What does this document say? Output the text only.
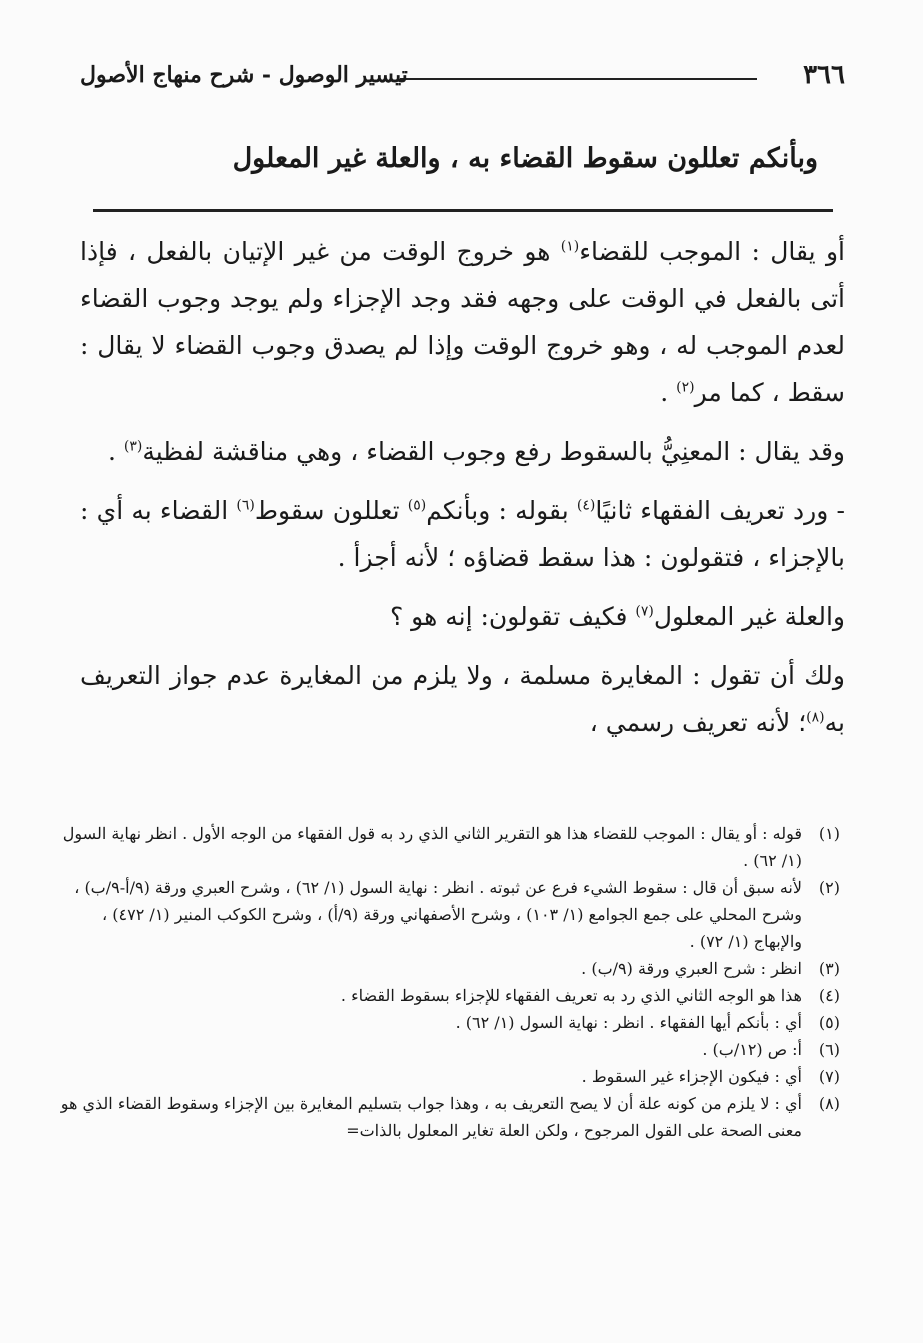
٣٦٦
تيسير الوصول - شرح منهاج الأصول
وبأنكم تعللون سقوط القضاء به ، والعلة غير المعلول

أو يقال : الموجب للقضاء$^{(١)}$ هو خروج الوقت من غير الإتيان بالفعل ، فإذا أتى بالفعل في الوقت على وجهه فقد وجد الإجزاء ولم يوجد وجوب القضاء لعدم الموجب له ، وهو خروج الوقت وإذا لم يصدق وجوب القضاء لا يقال : سقط ، كما مر$^{(٢)}$ .

وقد يقال : المعنِيُّ بالسقوط رفع وجوب القضاء ، وهي مناقشة لفظية$^{(٣)}$ .

- ورد تعريف الفقهاء ثانيًا$^{(٤)}$ بقوله : وبأنكم$^{(٥)}$ تعللون سقوط$^{(٦)}$ القضاء به أي : بالإجزاء ، فتقولون : هذا سقط قضاؤه ؛ لأنه أجزأ .

والعلة غير المعلول$^{(٧)}$ فكيف تقولون: إنه هو ؟

ولك أن تقول : المغايرة مسلمة ، ولا يلزم من المغايرة عدم جواز التعريف به$^{(٨)}$؛ لأنه تعريف رسمي ،

(١)
قوله : أو يقال : الموجب للقضاء هذا هو التقرير الثاني الذي رد به قول الفقهاء من الوجه الأول . انظر نهاية السول (١/ ٦٢) .
(٢)
لأنه سبق أن قال : سقوط الشيء فرع عن ثبوته . انظر : نهاية السول (١/ ٦٢) ، وشرح العبري ورقة (٩/أ-٩/ب) ، وشرح المحلي على جمع الجوامع (١/ ١٠٣) ، وشرح الأصفهاني ورقة (٩/أ) ، وشرح الكوكب المنير (١/ ٤٧٢) ، والإبهاج (١/ ٧٢) .
(٣)
انظر : شرح العبري ورقة (٩/ب) .
(٤)
هذا هو الوجه الثاني الذي رد به تعريف الفقهاء للإجزاء بسقوط القضاء .
(٥)
أي : بأنكم أيها الفقهاء . انظر : نهاية السول (١/ ٦٢) .
(٦)
أ: ص (١٢/ب) .
(٧)
أي : فيكون الإجزاء غير السقوط .
(٨)
أي : لا يلزم من كونه علة أن لا يصح التعريف به ، وهذا جواب بتسليم المغايرة بين الإجزاء وسقوط القضاء الذي هو معنى الصحة على القول المرجوح ، ولكن العلة تغاير المعلول بالذات=
